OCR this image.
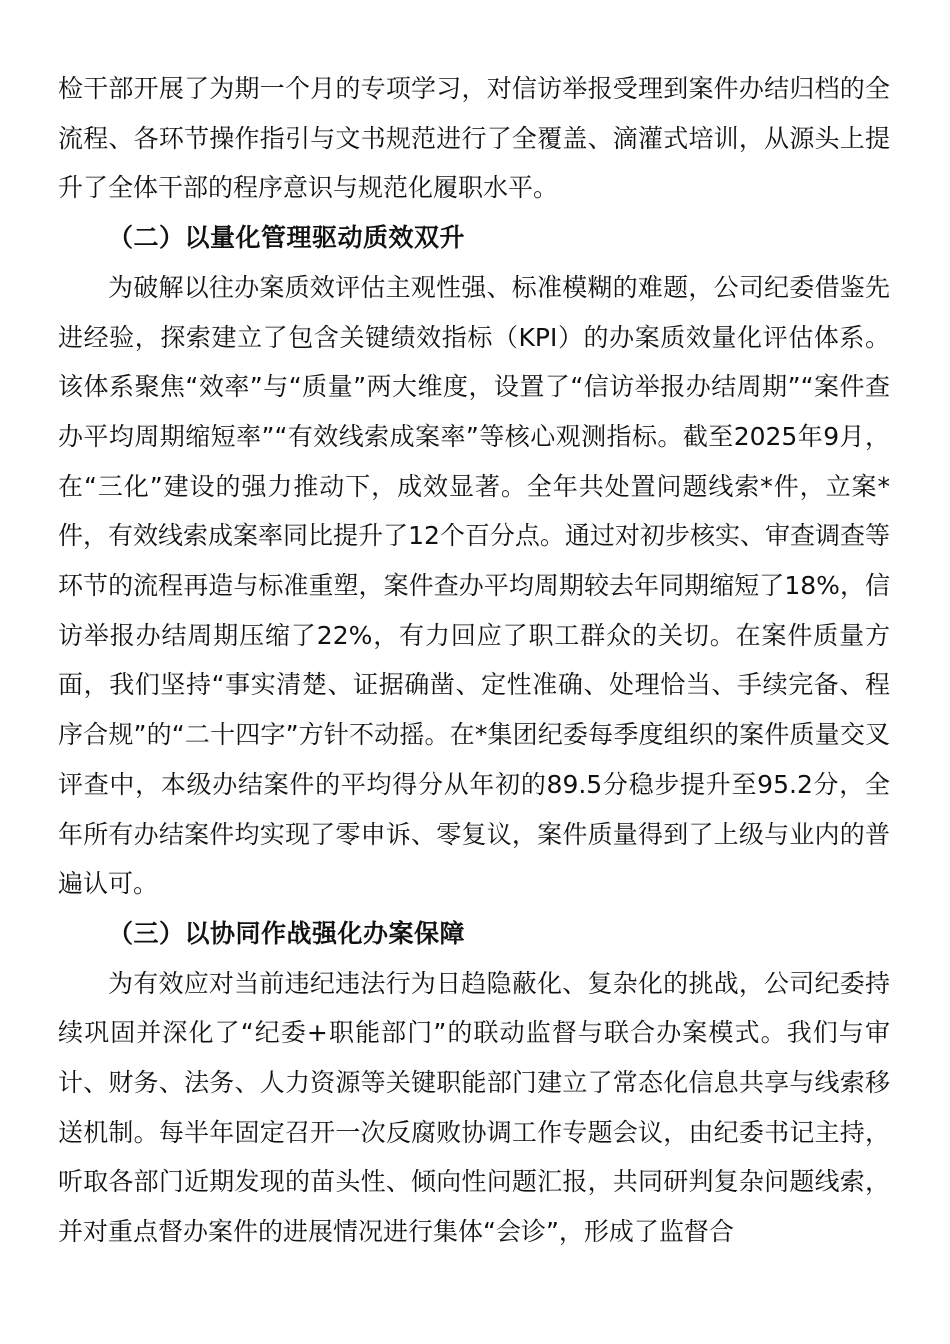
检干部开展了为期一个月的专项学习，对信访举报受理到案件办结归档的全流程、各环节操作指引与文书规范进行了全覆盖、滴灌式培训，从源头上提升了全体干部的程序意识与规范化履职水平。

（二）以量化管理驱动质效双升

为破解以往办案质效评估主观性强、标准模糊的难题，公司纪委借鉴先进经验，探索建立了包含关键绩效指标（KPI）的办案质效量化评估体系。该体系聚焦“效率”与“质量”两大维度，设置了“信访举报办结周期”“案件查办平均周期缩短率”“有效线索成案率”等核心观测指标。截至2025年9月，在“三化”建设的强力推动下，成效显著。全年共处置问题线索*件，立案*件，有效线索成案率同比提升了12个百分点。通过对初步核实、审查调查等环节的流程再造与标准重塑，案件查办平均周期较去年同期缩短了18%，信访举报办结周期压缩了22%，有力回应了职工群众的关切。在案件质量方面，我们坚持“事实清楚、证据确凿、定性准确、处理恰当、手续完备、程序合规”的“二十四字”方针不动摇。在*集团纪委每季度组织的案件质量交叉评查中，本级办结案件的平均得分从年初的89.5分稳步提升至95.2分，全年所有办结案件均实现了零申诉、零复议，案件质量得到了上级与业内的普遍认可。

（三）以协同作战强化办案保障

为有效应对当前违纪违法行为日趋隐蔽化、复杂化的挑战，公司纪委持续巩固并深化了“纪委+职能部门”的联动监督与联合办案模式。我们与审计、财务、法务、人力资源等关键职能部门建立了常态化信息共享与线索移送机制。每半年固定召开一次反腐败协调工作专题会议，由纪委书记主持，听取各部门近期发现的苗头性、倾向性问题汇报，共同研判复杂问题线索，并对重点督办案件的进展情况进行集体“会诊”，形成了监督合
